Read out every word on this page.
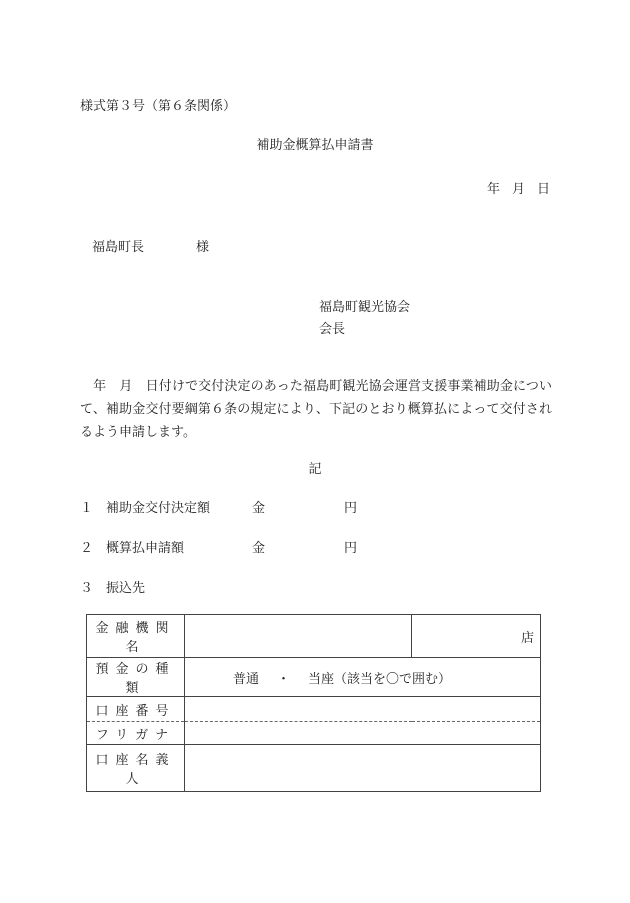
様式第３号（第６条関係）
補助金概算払申請書
年 月 日
福島町長	様
福島町観光協会
会長
　年　月　日付けで交付決定のあった福島町観光協会運営支援事業補助金について、補助金交付要綱第６条の規定により、下記のとおり概算払によって交付されるよう申請します。
記
１ 補助金交付決定額	金	円
２ 概算払申請額	金	円
３ 振込先
金融機関名		店
預金の種類	普通 ・ 当座（該当を〇で囲む）	
口座番号		
フリガナ		
口座名義人		
